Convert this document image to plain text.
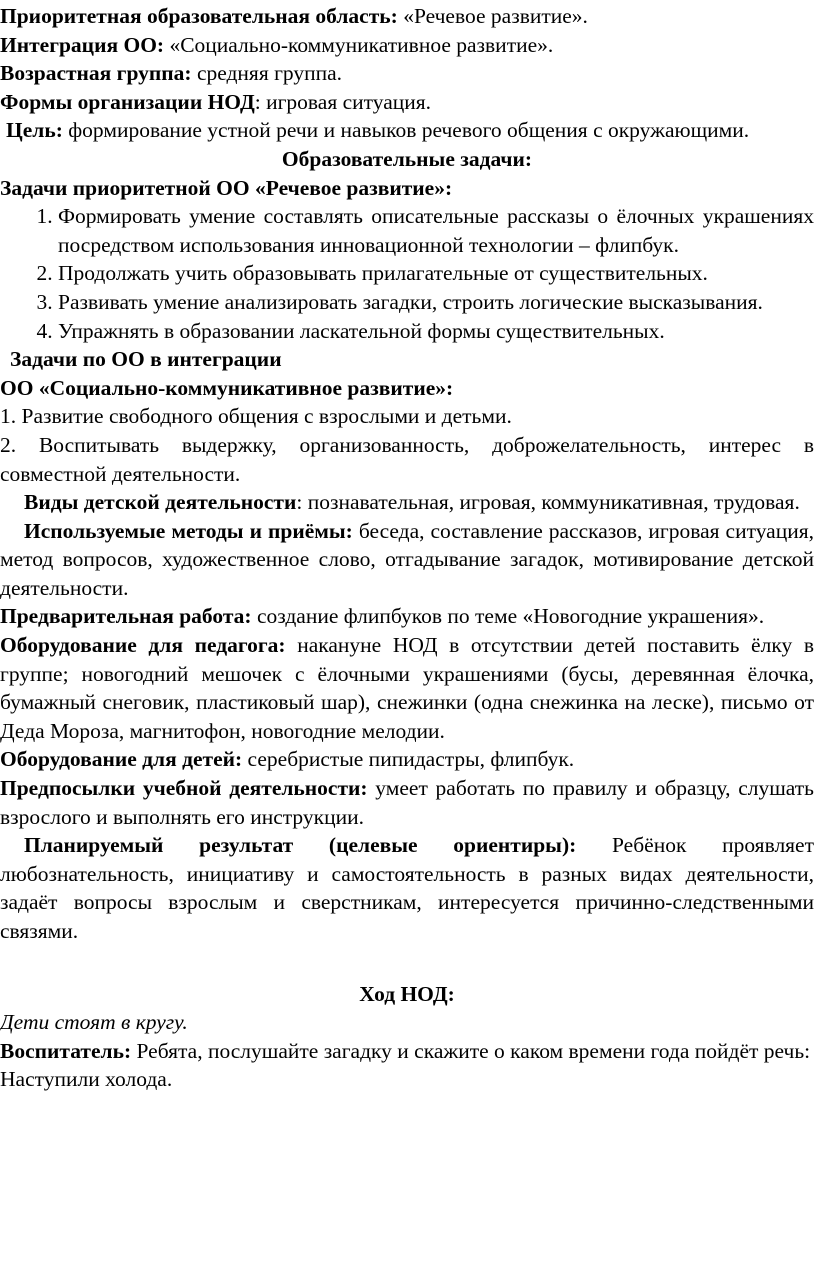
Приоритетная образовательная область: «Речевое развитие».

Интеграция ОО: «Социально-коммуникативное развитие».

Возрастная группа: средняя группа.

Формы организации НОД: игровая ситуация.

Цель: формирование устной речи и навыков речевого общения с окружающими.

Образовательные задачи:

Задачи приоритетной ОО «Речевое развитие»:

1. Формировать умение составлять описательные рассказы о ёлочных украшениях посредством использования инновационной технологии – флипбук.
2. Продолжать учить образовывать прилагательные от существительных.
3. Развивать умение анализировать загадки, строить логические высказывания.
4. Упражнять в образовании ласкательной формы существительных.

Задачи по ОО в интеграции

ОО «Социально-коммуникативное развитие»:

1. Развитие свободного общения с взрослыми и детьми.

2. Воспитывать выдержку, организованность, доброжелательность, интерес в совместной деятельности.

Виды детской деятельности: познавательная, игровая, коммуникативная, трудовая.

Используемые методы и приёмы: беседа, составление рассказов, игровая ситуация, метод вопросов, художественное слово, отгадывание загадок, мотивирование детской деятельности.

Предварительная работа: создание флипбуков по теме «Новогодние украшения».

Оборудование для педагога: накануне НОД в отсутствии детей поставить ёлку в группе; новогодний мешочек с ёлочными украшениями (бусы, деревянная ёлочка, бумажный снеговик, пластиковый шар), снежинки (одна снежинка на леске), письмо от Деда Мороза, магнитофон, новогодние мелодии.

Оборудование для детей: серебристые пипидастры, флипбук.

Предпосылки учебной деятельности: умеет работать по правилу и образцу, слушать взрослого и выполнять его инструкции.

Планируемый результат (целевые ориентиры): Ребёнок проявляет любознательность, инициативу и самостоятельность в разных видах деятельности, задаёт вопросы взрослым и сверстникам, интересуется причинно-следственными связями.

Ход НОД:

Дети стоят в кругу.

Воспитатель: Ребята, послушайте загадку и скажите о каком времени года пойдёт речь:

Наступили холода.
